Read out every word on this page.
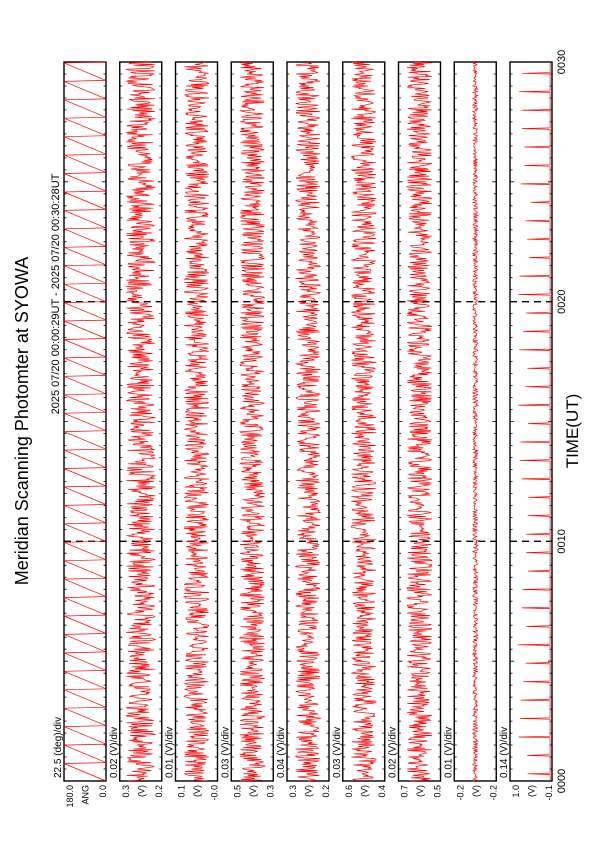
Meridian Scanning Photomter at SYOWA 2025 07/20 00:00:29UT - 2025 07/20 00:30:28UT
180.0	0.0
ANG
22.5 (deg)/div
0.3	0.2
(V)
0.02 (V)/div
0.1	-0.0
(V)
0.01 (V)/div
0.5	0.3
(V)
0.03 (V)/div
0.3	0.2
(V)
0.04 (V)/div
0.6	0.4
(V)
0.03 (V)/div
0.7	0.5
(V)
0.02 (V)/div
-0.2	-0.2
(V)
0.01 (V)/div
1.0	-0.1
(V)
0.14 (V)/div
0000
0010
0020
0030
TIME(UT)
